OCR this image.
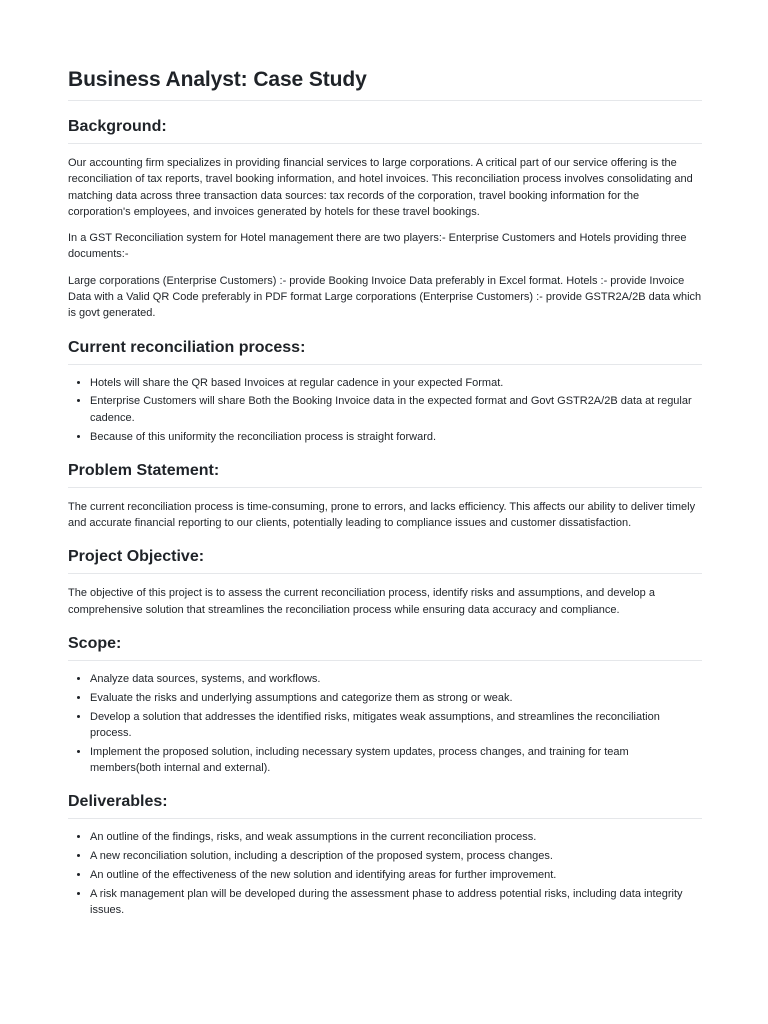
Business Analyst: Case Study
Background:

Our accounting firm specializes in providing financial services to large corporations. A critical part of our service offering is the reconciliation of tax reports, travel booking information, and hotel invoices. This reconciliation process involves consolidating and matching data across three transaction data sources: tax records of the corporation, travel booking information for the corporation's employees, and invoices generated by hotels for these travel bookings.

In a GST Reconciliation system for Hotel management there are two players:- Enterprise Customers and Hotels providing three documents:-

Large corporations (Enterprise Customers) :- provide Booking Invoice Data preferably in Excel format. Hotels :- provide Invoice Data with a Valid QR Code preferably in PDF format Large corporations (Enterprise Customers) :- provide GSTR2A/2B data which is govt generated.

Current reconciliation process:
• Hotels will share the QR based Invoices at regular cadence in your expected Format.
• Enterprise Customers will share Both the Booking Invoice data in the expected format and Govt GSTR2A/2B data at regular cadence.
• Because of this uniformity the reconciliation process is straight forward.
Problem Statement:

The current reconciliation process is time-consuming, prone to errors, and lacks efficiency. This affects our ability to deliver timely and accurate financial reporting to our clients, potentially leading to compliance issues and customer dissatisfaction.

Project Objective:

The objective of this project is to assess the current reconciliation process, identify risks and assumptions, and develop a comprehensive solution that streamlines the reconciliation process while ensuring data accuracy and compliance.

Scope:
• Analyze data sources, systems, and workflows.
• Evaluate the risks and underlying assumptions and categorize them as strong or weak.
• Develop a solution that addresses the identified risks, mitigates weak assumptions, and streamlines the reconciliation process.
• Implement the proposed solution, including necessary system updates, process changes, and training for team members(both internal and external).
Deliverables:
• An outline of the findings, risks, and weak assumptions in the current reconciliation process.
• A new reconciliation solution, including a description of the proposed system, process changes.
• An outline of the effectiveness of the new solution and identifying areas for further improvement.
• A risk management plan will be developed during the assessment phase to address potential risks, including data integrity issues.
